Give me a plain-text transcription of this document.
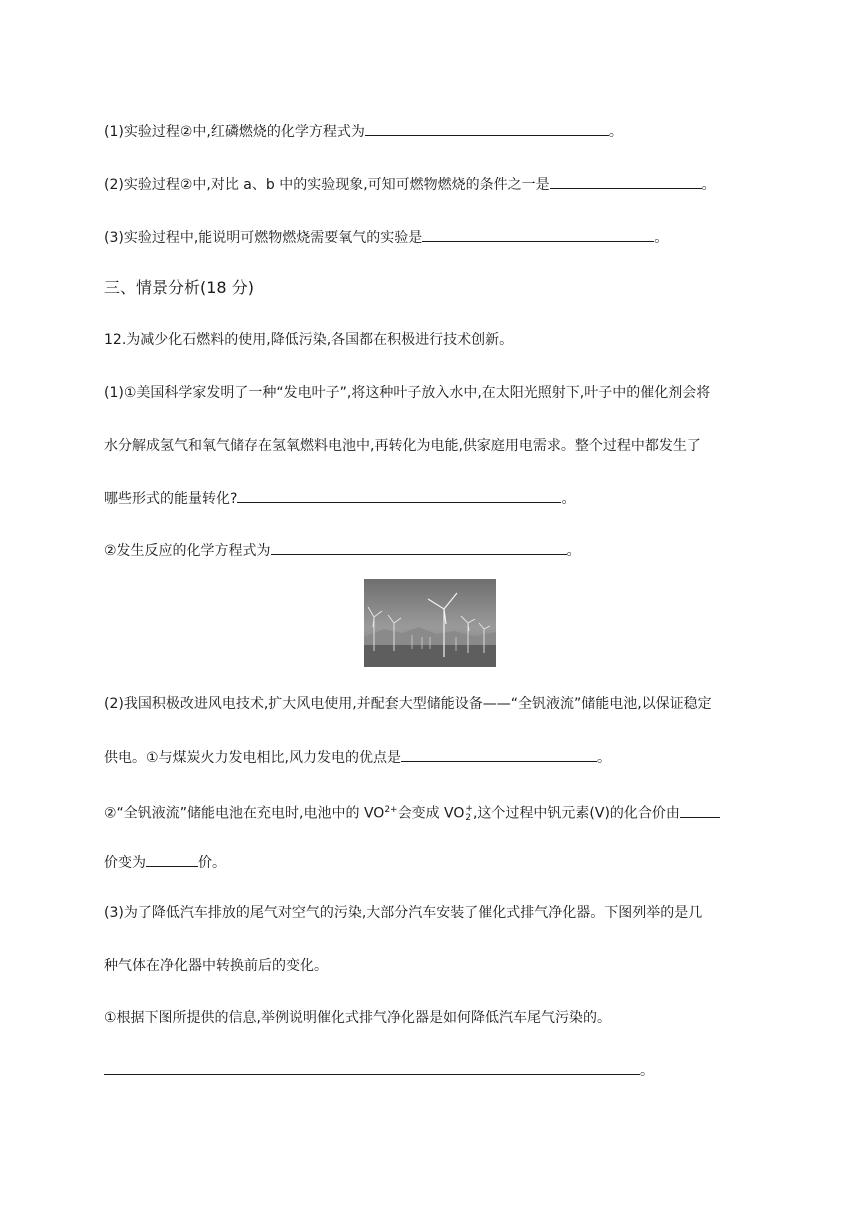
(1)实验过程②中,红磷燃烧的化学方程式为	。
(2)实验过程②中,对比 a、b 中的实验现象,可知可燃物燃烧的条件之一是	。
(3)实验过程中,能说明可燃物燃烧需要氧气的实验是	。
三、情景分析(18 分)
12.为减少化石燃料的使用,降低污染,各国都在积极进行技术创新。
(1)①美国科学家发明了一种“发电叶子”,将这种叶子放入水中,在太阳光照射下,叶子中的催化剂会将
水分解成氢气和氧气储存在氢氧燃料电池中,再转化为电能,供家庭用电需求。整个过程中都发生了
哪些形式的能量转化?	。
②发生反应的化学方程式为	。
(2)我国积极改进风电技术,扩大风电使用,并配套大型储能设备——“全钒液流”储能电池,以保证稳定
供电。①与煤炭火力发电相比,风力发电的优点是	。
②“全钒液流”储能电池在充电时,电池中的 $VO^{2+}$会变成 VO +
2 ,这个过程中钒元素(V)的化合价由
价变为	价。
(3)为了降低汽车排放的尾气对空气的污染,大部分汽车安装了催化式排气净化器。下图列举的是几
种气体在净化器中转换前后的变化。
①根据下图所提供的信息,举例说明催化式排气净化器是如何降低汽车尾气污染的。
。
